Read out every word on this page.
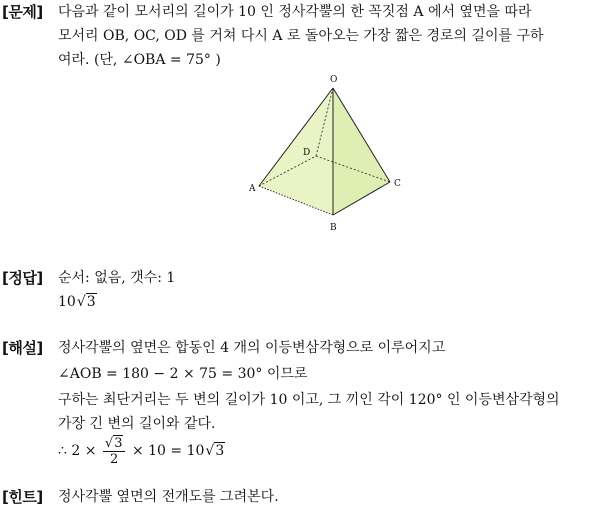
[문제] 다음과 같이 모서리의 길이가 10 인 정사각뿔의 한 꼭짓점 A 에서 옆면을 따라
모서리 OB, OC, OD 를 거쳐 다시 A 로 돌아오는 가장 짧은 경로의 길이를 구하
여라. (단, ∠OBA = 75° )
O
D
A	C
B
[정답] 순서: 없음, 갯수: 1
10√3
[해설] 정사각뿔의 옆면은 합동인 4 개의 이등변삼각형으로 이루어지고
∠AOB = 180 − 2 × 75 = 30° 이므로
구하는 최단거리는 두 변의 길이가 10 이고, 그 끼인 각이 120° 인 이등변삼각형의
가장 긴 변의 길이와 같다.
∴ $2 \times \frac{√3}{2} \times 10 = 10√3$
[힌트] 정사각뿔 옆면의 전개도를 그려본다.
